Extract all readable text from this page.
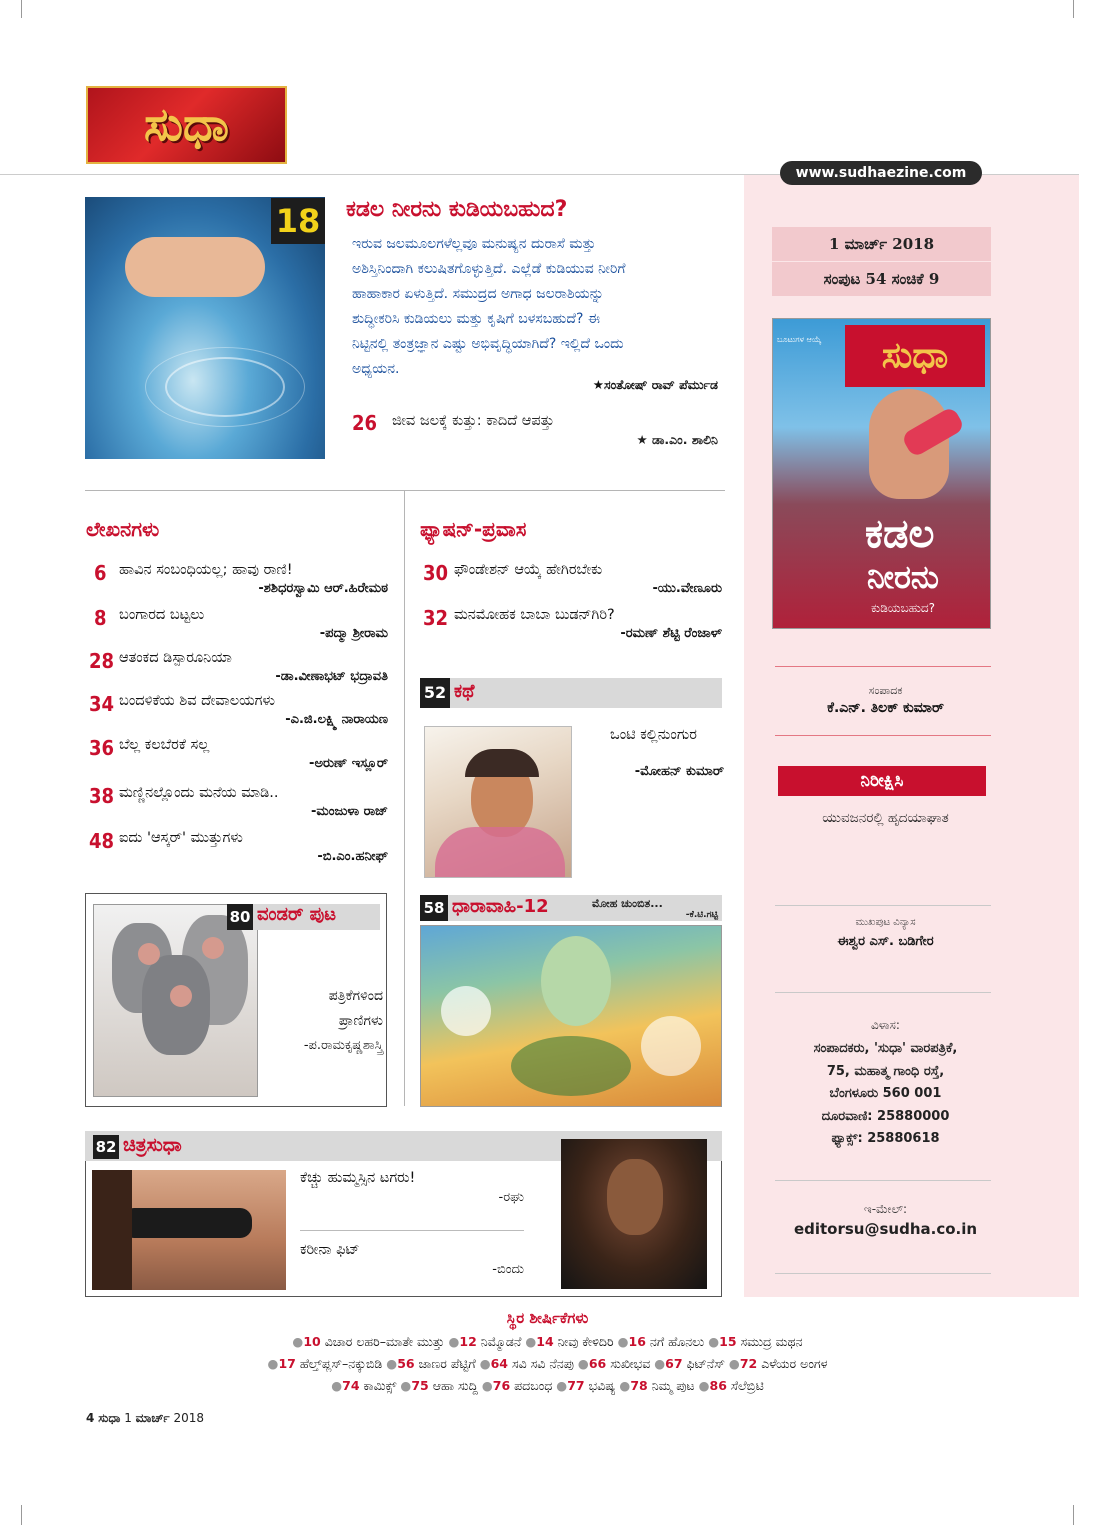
ಸುಧಾ
www.sudhaezine.com
1 ಮಾರ್ಚ್ 2018
ಸಂಪುಟ 54 ಸಂಚಿಕೆ 9
ಸುಧಾ
ಬೂಟುಗಳ ಆಯ್ಕೆ
ಕಡಲ
ನೀರನು
ಕುಡಿಯಬಹುದ?
ಸಂಪಾದಕ
ಕೆ.ಎನ್. ತಿಲಕ್ ಕುಮಾರ್
ನಿರೀಕ್ಷಿಸಿ
ಯುವಜನರಲ್ಲಿ ಹೃದಯಾಘಾತ
ಮುಖಪುಟ ವಿನ್ಯಾಸ
ಈಶ್ವರ ಎಸ್. ಬಡಿಗೇರ
ವಿಳಾಸ:
ಸಂಪಾದಕರು, 'ಸುಧಾ' ವಾರಪತ್ರಿಕೆ,
75, ಮಹಾತ್ಮ ಗಾಂಧಿ ರಸ್ತೆ,
ಬೆಂಗಳೂರು 560 001
ದೂರವಾಣಿ: 25880000
ಫ್ಯಾಕ್ಸ್: 25880618
ಇ-ಮೇಲ್:
editorsu@sudha.co.in
18 ಕಡಲ ನೀರನು ಕುಡಿಯಬಹುದ?
ಇರುವ ಜಲಮೂಲಗಳೆಲ್ಲವೂ ಮನುಷ್ಯನ ದುರಾಸೆ ಮತ್ತು
ಅಶಿಸ್ತಿನಿಂದಾಗಿ ಕಲುಷಿತಗೊಳ್ಳುತ್ತಿದೆ. ಎಲ್ಲೆಡೆ ಕುಡಿಯುವ ನೀರಿಗೆ
ಹಾಹಾಕಾರ ಏಳುತ್ತಿದೆ. ಸಮುದ್ರದ ಅಗಾಧ ಜಲರಾಶಿಯನ್ನು
ಶುದ್ಧೀಕರಿಸಿ ಕುಡಿಯಲು ಮತ್ತು ಕೃಷಿಗೆ ಬಳಸಬಹುದೆ? ಈ
ನಿಟ್ಟಿನಲ್ಲಿ ತಂತ್ರಜ್ಞಾನ ಎಷ್ಟು ಅಭಿವೃದ್ಧಿಯಾಗಿದೆ? ಇಲ್ಲಿದೆ ಒಂದು
ಅಧ್ಯಯನ.
★ಸಂತೋಷ್ ರಾವ್ ಪೆರ್ಮುಡ
26 ಜೀವ ಜಲಕ್ಕೆ ಕುತ್ತು: ಕಾದಿದೆ ಆಪತ್ತು
★ ಡಾ.ಎಂ. ಶಾಲಿನಿ
ಲೇಖನಗಳು
6 ಹಾವಿನ ಸಂಬಂಧಿಯಲ್ಲ; ಹಾವು ರಾಣಿ!
-ಶಶಿಧರಸ್ವಾಮಿ ಆರ್.ಹಿರೇಮಠ
8 ಬಂಗಾರದ ಬಟ್ಟಲು
-ಪದ್ಮಾ ಶ್ರೀರಾಮ
28 ಆತಂಕದ ಡಿಸ್ಪಾರೂನಿಯಾ
-ಡಾ.ವೀಣಾಭಟ್ ಭದ್ರಾವತಿ
34 ಬಂದಳಿಕೆಯ ಶಿವ ದೇವಾಲಯಗಳು
-ಎ.ಜಿ.ಲಕ್ಷ್ಮಿ ನಾರಾಯಣ
36 ಬೆಲ್ಲ ಕಲಬೆರಕೆ ಸಲ್ಲ
-ಅರುಣ್ ಇಸ್ಲೂರ್
38 ಮಣ್ಣಿನಲ್ಲೊಂದು ಮನೆಯ ಮಾಡಿ..
-ಮಂಜುಳಾ ರಾಜ್
48 ಐದು 'ಆಸ್ಕರ್' ಮುತ್ತುಗಳು
-ಬಿ.ಎಂ.ಹನೀಫ್
ಫ್ಯಾಷನ್-ಪ್ರವಾಸ
30 ಫೌಂಡೇಶನ್ ಆಯ್ಕೆ ಹೇಗಿರಬೇಕು
-ಯು.ವೇಣೂರು
32 ಮನಮೋಹಕ ಬಾಬಾ ಬುಡನ್‌ಗಿರಿ?
-ರಮಣ್ ಶೆಟ್ಟಿ ರೆಂಜಾಳ್
52 ಕಥೆ
ಒಂಟಿ ಕಲ್ಲಿನುಂಗುರ
-ಮೋಹನ್ ಕುಮಾರ್
80 ವಂಡರ್ ಪುಟ
ಪತ್ರಿಕೆಗಳಿಂದ
ಪ್ರಾಣಿಗಳು
-ಪ.ರಾಮಕೃಷ್ಣಶಾಸ್ತ್ರಿ
58 ಧಾರಾವಾಹಿ-12	ಮೋಹ ಚುಂಬಿತ...
-ಕೆ.ಟಿ.ಗಟ್ಟಿ
82 ಚಿತ್ರಸುಧಾ
ಕೆಚ್ಚು ಹುಮ್ಮಸ್ಸಿನ ಟಗರು!
-ರಘು
ಕರೀನಾ ಫಿಟ್
-ಬಿಂದು
ಸ್ಥಿರ ಶೀರ್ಷಿಕೆಗಳು
●10 ವಿಚಾರ ಲಹರಿ–ಮಾತೇ ಮುತ್ತು ●12 ನಿಮ್ಮೊಡನೆ ●14 ನೀವು ಕೇಳಿದಿರಿ ●16 ನಗೆ ಹೊನಲು ●15 ಸಮುದ್ರ ಮಥನ
●17 ಹೆಲ್ತ್‌ಪ್ಲಸ್–ನಕ್ಕುಬಿಡಿ ●56 ಜಾಣರ ಪೆಟ್ಟಿಗೆ ●64 ಸವಿ ಸವಿ ನೆನಪು ●66 ಸುಖೀಭವ ●67 ಫಿಟ್‌ನೆಸ್ ●72 ಎಳೆಯರ ಅಂಗಳ
●74 ಕಾಮಿಕ್ಸ್ ●75 ಆಹಾ ಸುದ್ದಿ ●76 ಪದಬಂಧ ●77 ಭವಿಷ್ಯ ●78 ನಿಮ್ಮ ಪುಟ ●86 ಸೆಲೆಬ್ರಿಟಿ
4 ಸುಧಾ 1 ಮಾರ್ಚ್ 2018
